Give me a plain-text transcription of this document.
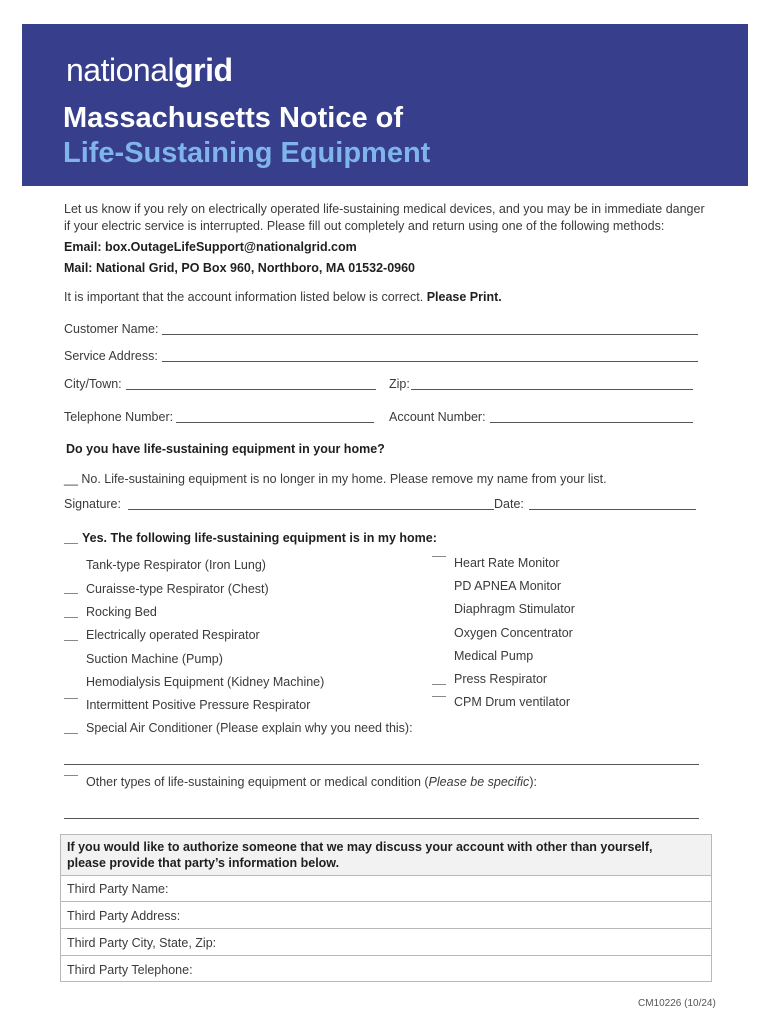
nationalgrid
Massachusetts Notice of
Life-Sustaining Equipment
Let us know if you rely on electrically operated life-sustaining medical devices, and you may be in immediate danger
if your electric service is interrupted. Please fill out completely and return using one of the following methods:
Email: box.OutageLifeSupport@nationalgrid.com
Mail: National Grid, PO Box 960, Northboro, MA 01532-0960
It is important that the account information listed below is correct. Please Print.
Customer Name:
Service Address:
City/Town:	Zip:
Telephone Number:	Account Number:
Do you have life-sustaining equipment in your home?
__ No. Life-sustaining equipment is no longer in my home. Please remove my name from your list.
Signature:	Date:
Yes. The following life-sustaining equipment is in my home:
Tank-type Respirator (Iron Lung)
Curaisse-type Respirator (Chest)
Rocking Bed
Electrically operated Respirator
Suction Machine (Pump)
Hemodialysis Equipment (Kidney Machine)
Intermittent Positive Pressure Respirator
Special Air Conditioner (Please explain why you need this):
Heart Rate Monitor
PD APNEA Monitor
Diaphragm Stimulator
Oxygen Concentrator
Medical Pump
Press Respirator
CPM Drum ventilator
Other types of life-sustaining equipment or medical condition (Please be specific):
If you would like to authorize someone that we may discuss your account with other than yourself,
please provide that party’s information below.
Third Party Name:
Third Party Address:
Third Party City, State, Zip:
Third Party Telephone:
CM10226 (10/24)
